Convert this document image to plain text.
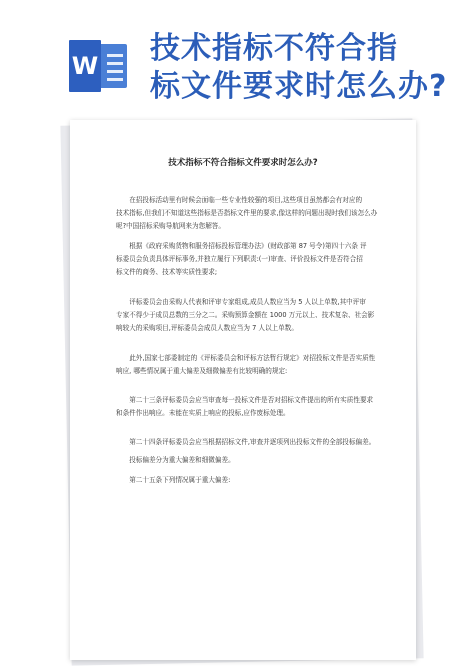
W 技术指标不符合指
标文件要求时怎么办?
技术指标不符合指标文件要求时怎么办?
在招投标活动里有时候会面临一些专业性较强的项目,这些项目虽然都会有对应的
技术指标,但我们不知道这些指标是否指标文件里的要求,像这样的问题出现时我们该怎么办
呢?中国招标采购导航网来为您解答。
根据《政府采购货物和服务招标投标管理办法》(财政部第 87 号令)第四十六条 评
标委员会负责具体评标事务,并独立履行下列职责:(一)审查、评价投标文件是否符合招
标文件的商务、技术等实质性要求;
评标委员会由采购人代表和评审专家组成,成员人数应当为 5 人以上单数,其中评审
专家不得少于成员总数的三分之二。采购预算金额在 1000 万元以上、技术复杂、社会影
响较大的采购项目,评标委员会成员人数应当为 7 人以上单数。
此外,国家七部委制定的《评标委员会和评标方法暂行规定》对招投标文件是否实质性
响应, 哪些情况属于重大偏差及细微偏差有比较明确的规定:
第二十三条评标委员会应当审查每一投标文件是否对招标文件提出的所有实质性要求
和条件作出响应。未能在实质上响应的投标,应作废标处理。
第二十四条评标委员会应当根据招标文件,审查并逐项列出投标文件的全部投标偏差。
投标偏差分为重大偏差和细微偏差。
第二十五条下列情况属于重大偏差:
